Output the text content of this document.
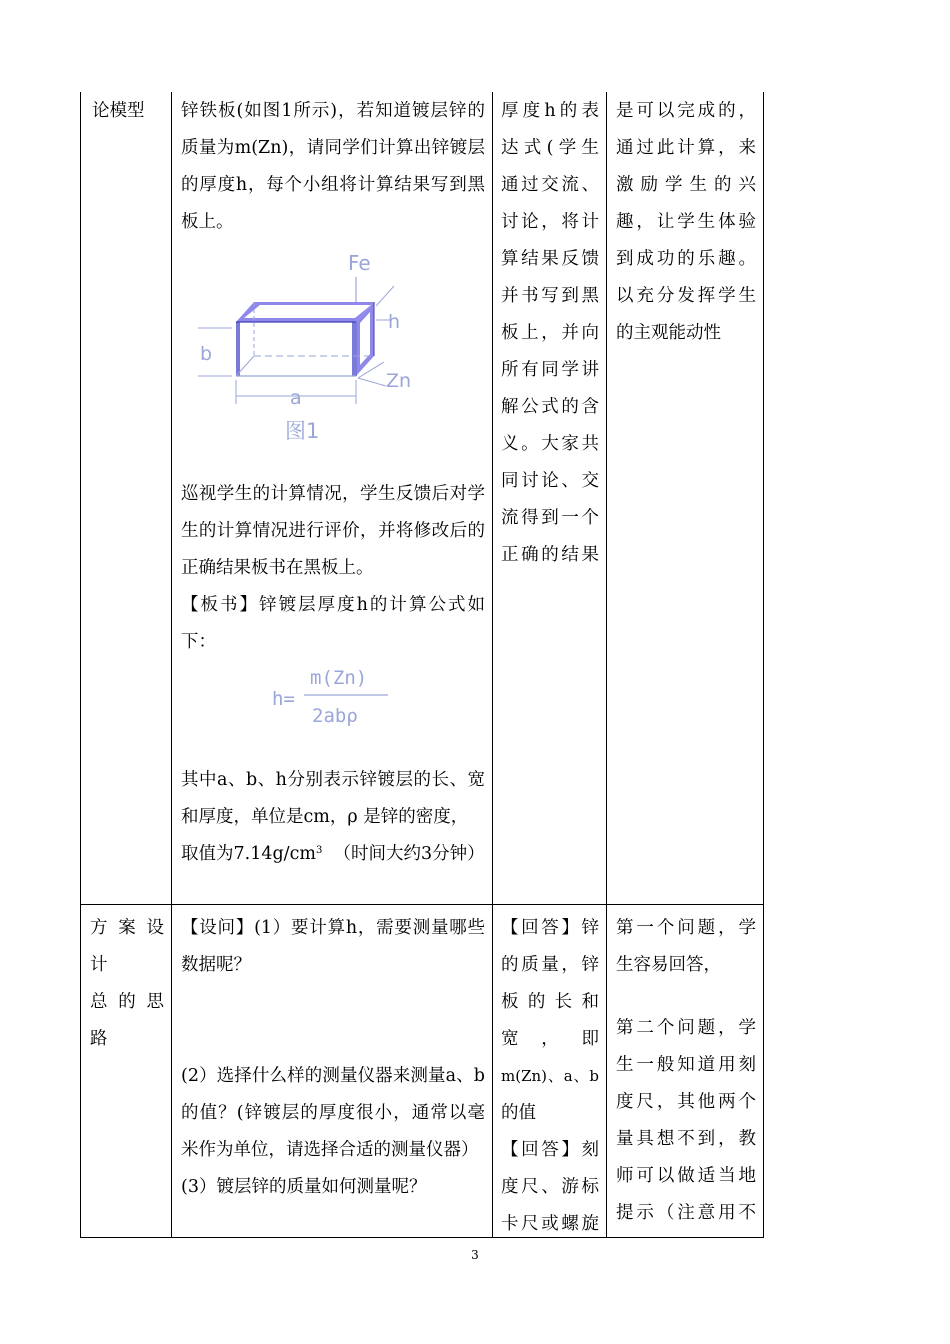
论模型	锌铁板(如图1所示)，若知道镀层锌的质量为m(Zn)，请同学们计算出锌镀层的厚度h，每个小组将计算结果写到黑板上。
Fe
h
b
Zn
a
图1
巡视学生的计算情况，学生反馈后对学生的计算情况进行评价，并将修改后的正确结果板书在黑板上。
【板书】锌镀层厚度h的计算公式如下：
h=
m(Zn)
2abρ
其中a、b、h分别表示锌镀层的长、宽和厚度，单位是cm，ρ 是锌的密度，
取值为$7.14g/cm^3$ （时间大约3分钟）
厚度h的表
达式(学生
通过交流、
讨论，将计
算结果反馈
并书写到黑
板上，并向
所有同学讲
解公式的含
义。大家共
同讨论、交
流得到一个
正确的结果
是可以完成的，
通过此计算，来
激励学生的兴
趣，让学生体验
到成功的乐趣。
以充分发挥学生
的主观能动性
方案设
计
总的思
路
【设问】(1）要计算h，需要测量哪些数据呢？
(2）选择什么样的测量仪器来测量a、b的值？(锌镀层的厚度很小，通常以毫米作为单位，请选择合适的测量仪器）
(3）镀层锌的质量如何测量呢？
【回答】锌
的质量，锌
板的长和
宽，即
m(Zn)、a、b
的值
【回答】刻
度尺、游标
卡尺或螺旋
第一个问题，学
生容易回答，
第二个问题，学
生一般知道用刻
度尺，其他两个
量具想不到，教
师可以做适当地
提示（注意用不
3
